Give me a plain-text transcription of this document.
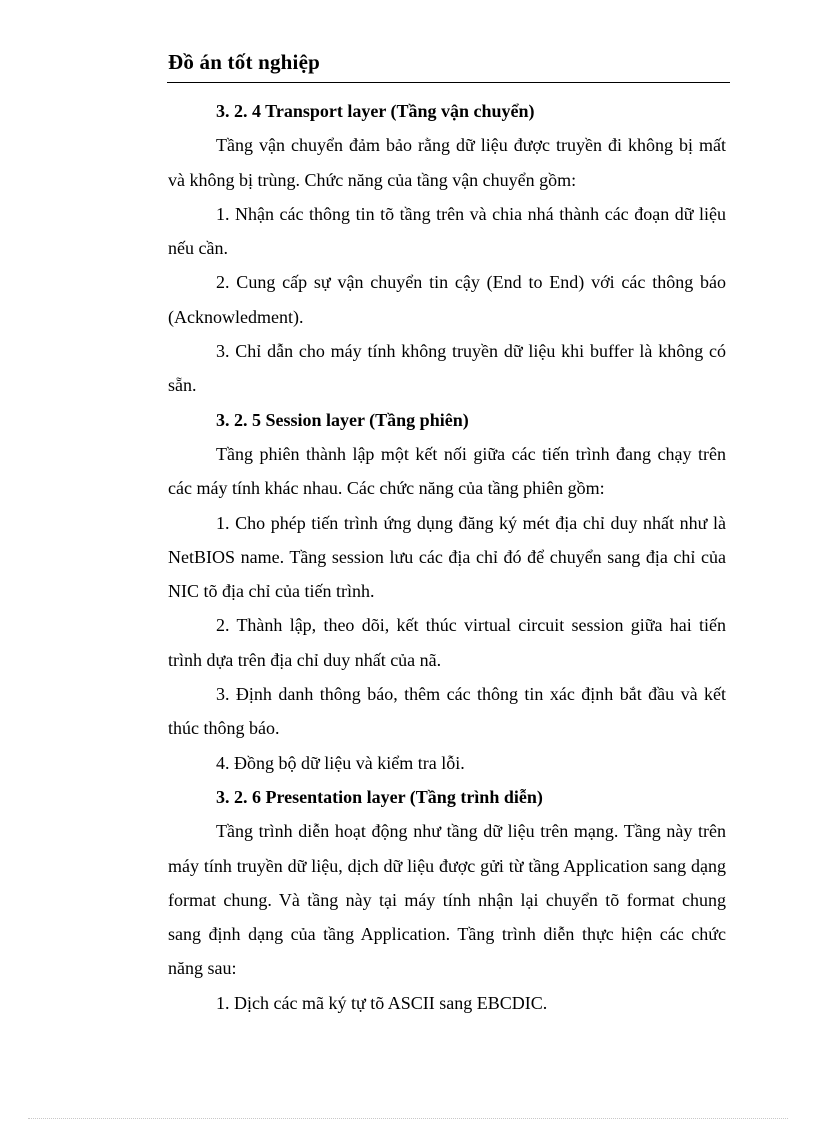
Đồ án tốt nghiệp

3. 2. 4 Transport layer (Tầng vận chuyển)

Tầng vận chuyển đảm bảo rằng dữ liệu được truyền đi không bị mất và không bị trùng. Chức năng của tầng vận chuyển gồm:

1. Nhận các thông tin tõ tầng trên và chia nhá thành các đoạn dữ liệu nếu cần.

2. Cung cấp sự vận chuyển tin cậy (End to End) với các thông báo (Acknowledment).

3. Chỉ dẫn cho máy tính không truyền dữ liệu khi buffer là không có sẵn.

3. 2. 5 Session layer (Tầng phiên)

Tầng phiên thành lập một kết nối giữa các tiến trình đang chạy trên các máy tính khác nhau. Các chức năng của tầng phiên gồm:

1. Cho phép tiến trình ứng dụng đăng ký mét địa chỉ duy nhất như là NetBIOS name. Tầng session lưu các địa chỉ đó để chuyển sang địa chỉ của NIC tõ địa chỉ của tiến trình.

2. Thành lập, theo dõi, kết thúc virtual circuit session giữa hai tiến trình dựa trên địa chỉ duy nhất của nã.

3. Định danh thông báo, thêm các thông tin xác định bắt đầu và kết thúc thông báo.

4. Đồng bộ dữ liệu và kiểm tra lỗi.

3. 2. 6 Presentation layer (Tầng trình diễn)

Tầng trình diễn hoạt động như tầng dữ liệu trên mạng. Tầng này trên máy tính truyền dữ liệu, dịch dữ liệu được gửi từ tầng Application sang dạng format chung. Và tầng này tại máy tính nhận lại chuyển tõ format chung sang định dạng của tầng Application. Tầng trình diễn thực hiện các chức năng sau:

1. Dịch các mã ký tự tõ ASCII sang EBCDIC.
